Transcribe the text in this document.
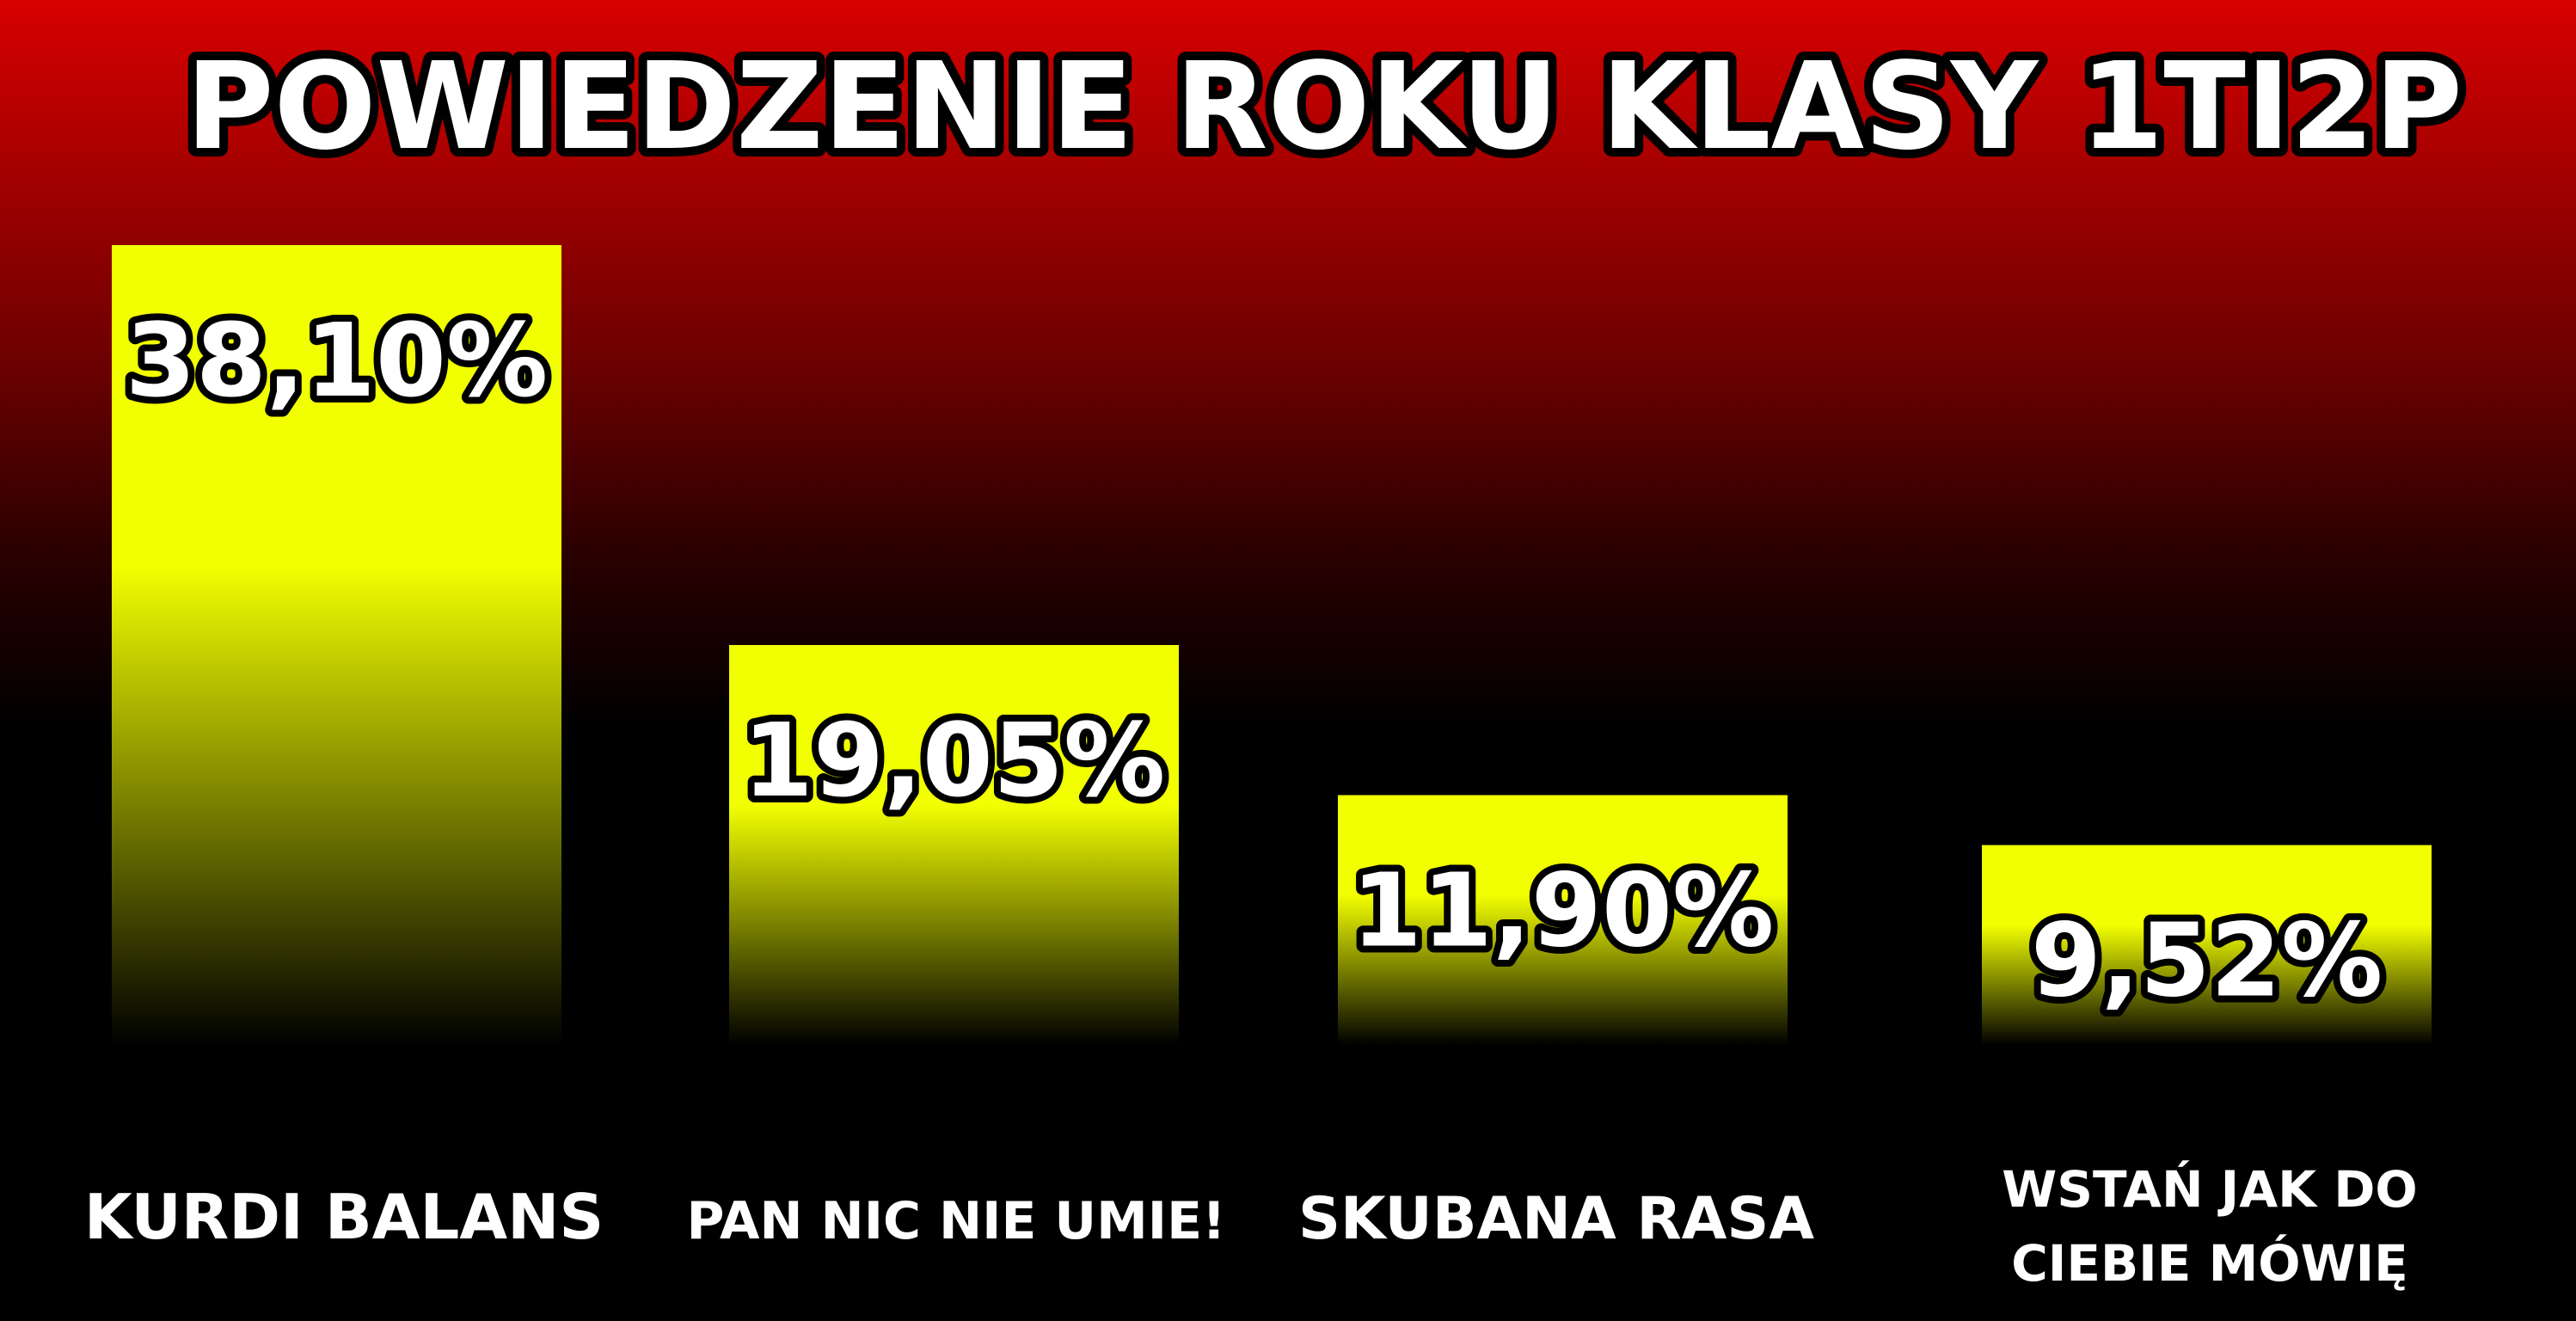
POWIEDZENIE ROKU KLASY 1TI2P
38,10%
19,05%
11,90%	9,52%
KURDI BALANS PAN NIC NIE UMIE! SKUBANA RASA	WSTAŃ JAK DO
CIEBIE MÓWIĘ
